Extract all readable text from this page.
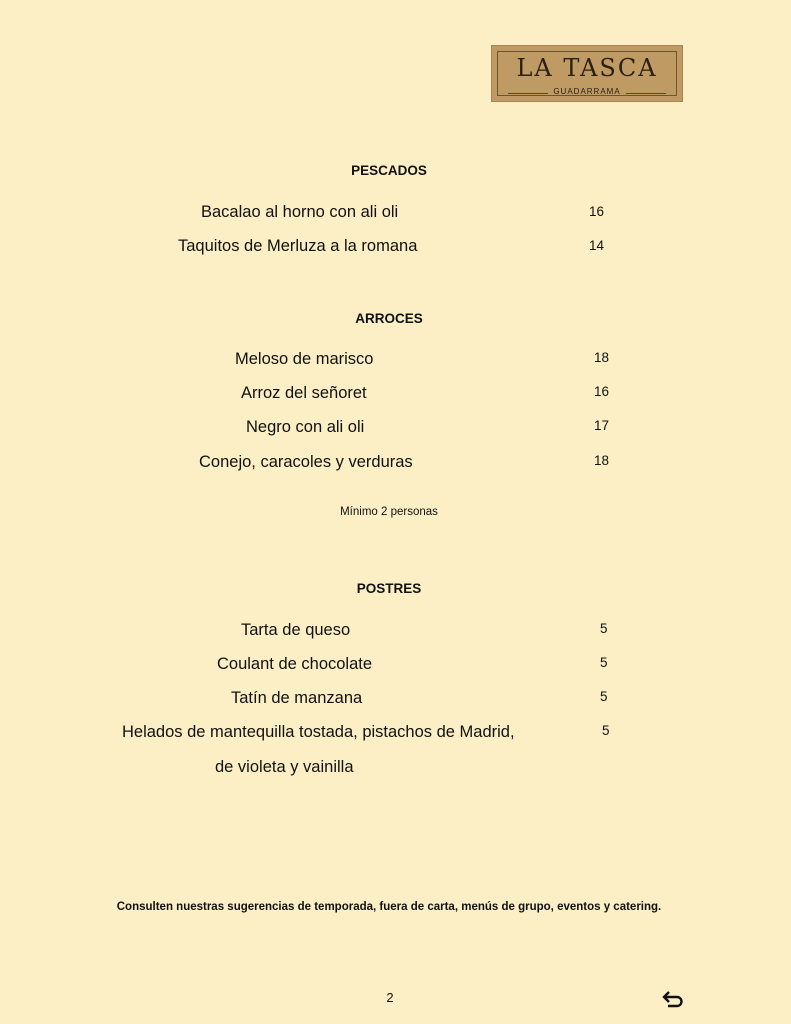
LA TASCA
GUADARRAMA
PESCADOS
Bacalao al horno con ali oli	16
Taquitos de Merluza a la romana	14
ARROCES
Meloso de marisco	18
Arroz del señoret	16
Negro con ali oli	17
Conejo, caracoles y verduras	18
Mínimo 2 personas
POSTRES
Tarta de queso	5
Coulant de chocolate	5
Tatín de manzana	5
Helados de mantequilla tostada, pistachos de Madrid,	5
de violeta y vainilla
Consulten nuestras sugerencias de temporada, fuera de carta, menús de grupo, eventos y catering.
2
